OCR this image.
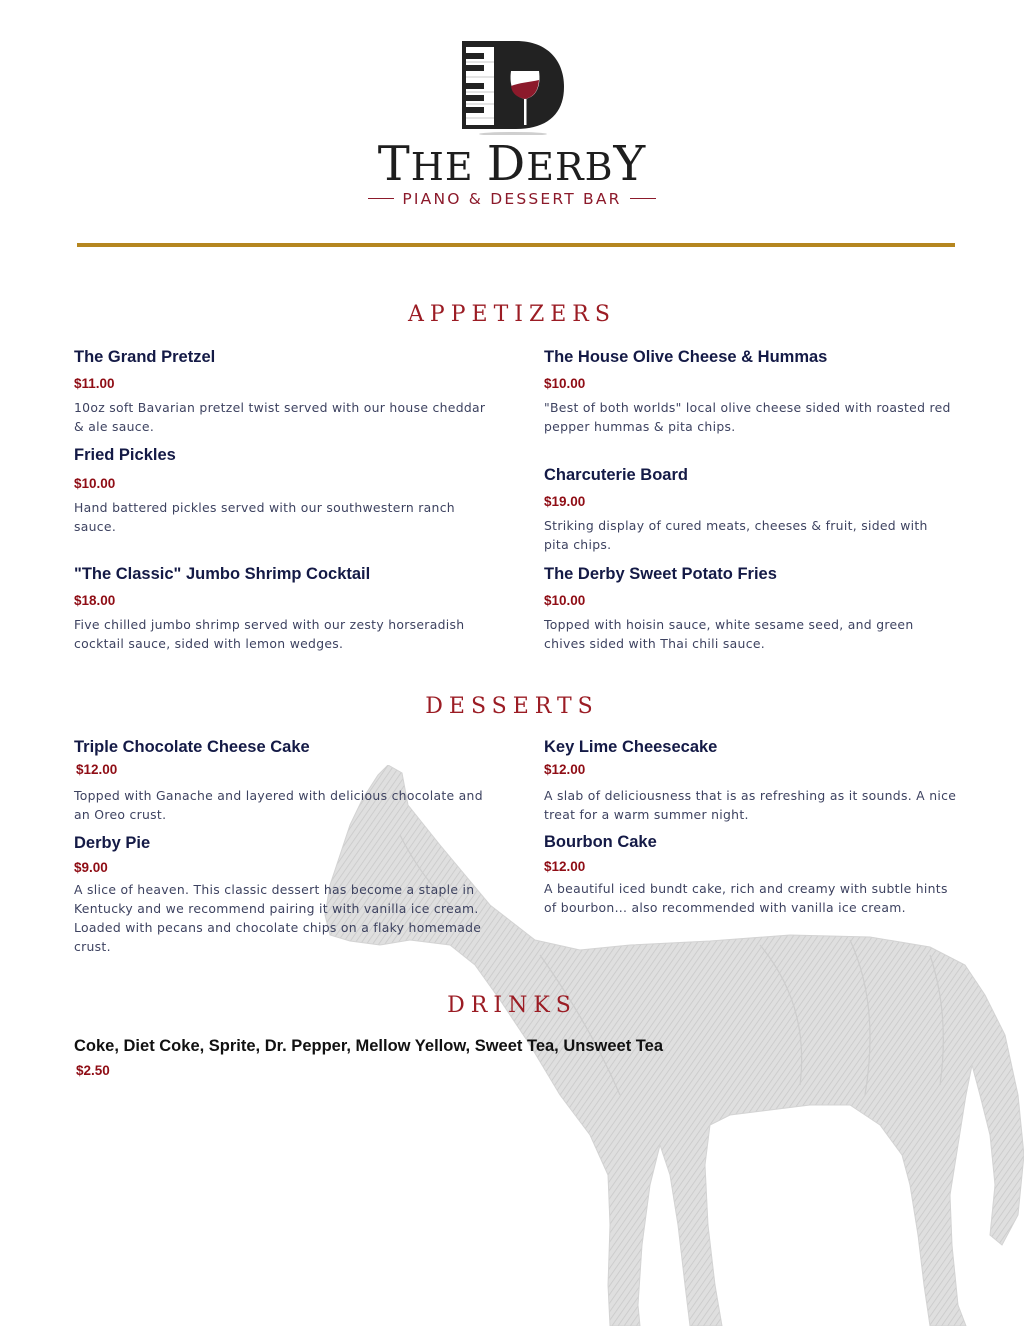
THE DERBY
PIANO & DESSERT BAR
APPETIZERS
The Grand Pretzel
$11.00
10oz soft Bavarian pretzel twist served with our house cheddar & ale sauce.
Fried Pickles
$10.00
Hand battered pickles served with our southwestern ranch sauce.
"The Classic" Jumbo Shrimp Cocktail
$18.00
Five chilled jumbo shrimp served with our zesty horseradish cocktail sauce, sided with lemon wedges.
The House Olive Cheese & Hummas
$10.00
"Best of both worlds" local olive cheese sided with roasted red pepper hummas & pita chips.
Charcuterie Board
$19.00
Striking display of cured meats, cheeses & fruit, sided with pita chips.
The Derby Sweet Potato Fries
$10.00
Topped with hoisin sauce, white sesame seed, and green chives sided with Thai chili sauce.
DESSERTS
Triple Chocolate Cheese Cake
$12.00
Topped with Ganache and layered with delicious chocolate and an Oreo crust.
Derby Pie
$9.00
A slice of heaven. This classic dessert has become a staple in Kentucky and we recommend pairing it with vanilla ice cream. Loaded with pecans and chocolate chips on a flaky homemade crust.
Key Lime Cheesecake
$12.00
A slab of deliciousness that is as refreshing as it sounds. A nice treat for a warm summer night.
Bourbon Cake
$12.00
A beautiful iced bundt cake, rich and creamy with subtle hints of bourbon... also recommended with vanilla ice cream.
DRINKS
Coke, Diet Coke, Sprite, Dr. Pepper, Mellow Yellow, Sweet Tea, Unsweet Tea
$2.50
